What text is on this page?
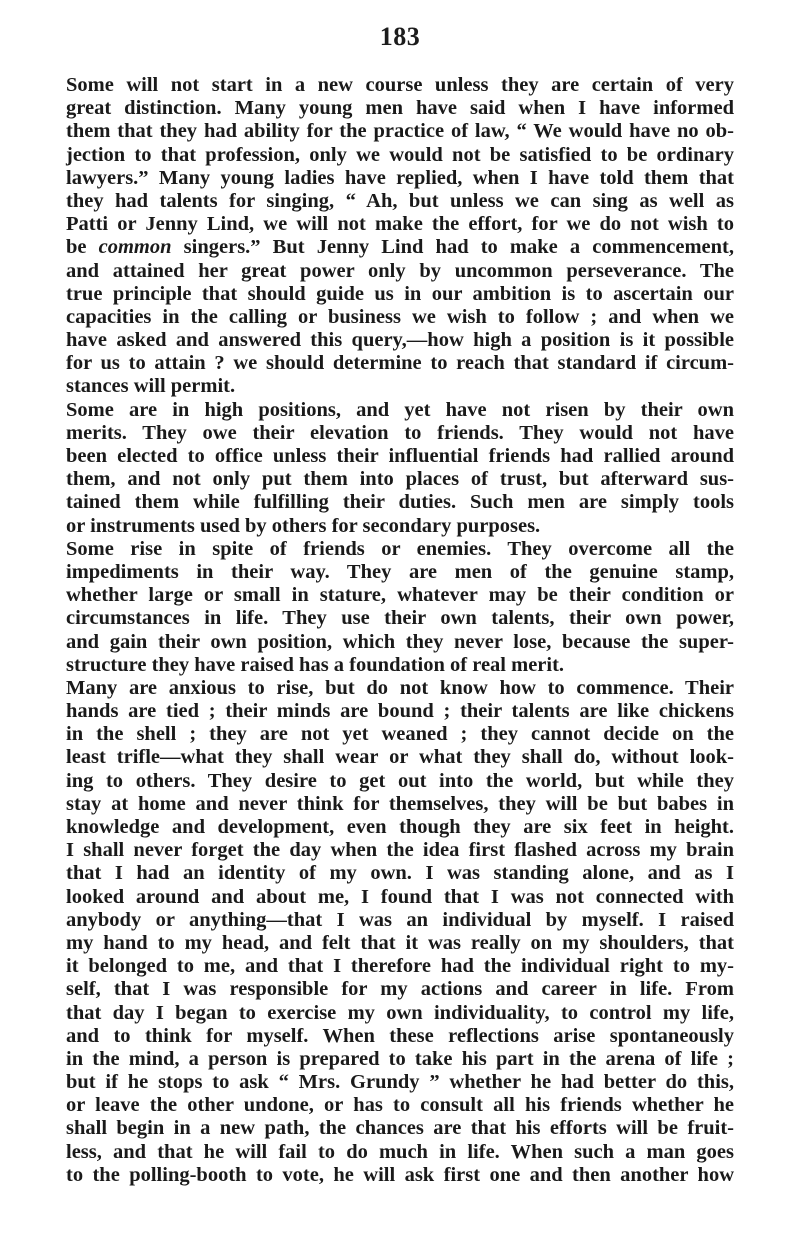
183
Some will not start in a new course unless they are certain of very
great distinction. Many young men have said when I have informed
them that they had ability for the practice of law, “ We would have no ob-
jection to that profession, only we would not be satisfied to be ordinary
lawyers.” Many young ladies have replied, when I have told them that
they had talents for singing, “ Ah, but unless we can sing as well as
Patti or Jenny Lind, we will not make the effort, for we do not wish to
be common singers.” But Jenny Lind had to make a commencement,
and attained her great power only by uncommon perseverance. The
true principle that should guide us in our ambition is to ascertain our
capacities in the calling or business we wish to follow ; and when we
have asked and answered this query,—how high a position is it possible
for us to attain ? we should determine to reach that standard if circum-
stances will permit.
Some are in high positions, and yet have not risen by their own
merits. They owe their elevation to friends. They would not have
been elected to office unless their influential friends had rallied around
them, and not only put them into places of trust, but afterward sus-
tained them while fulfilling their duties. Such men are simply tools
or instruments used by others for secondary purposes.
Some rise in spite of friends or enemies. They overcome all the
impediments in their way. They are men of the genuine stamp,
whether large or small in stature, whatever may be their condition or
circumstances in life. They use their own talents, their own power,
and gain their own position, which they never lose, because the super-
structure they have raised has a foundation of real merit.
Many are anxious to rise, but do not know how to commence. Their
hands are tied ; their minds are bound ; their talents are like chickens
in the shell ; they are not yet weaned ; they cannot decide on the
least trifle—what they shall wear or what they shall do, without look-
ing to others. They desire to get out into the world, but while they
stay at home and never think for themselves, they will be but babes in
knowledge and development, even though they are six feet in height.
I shall never forget the day when the idea first flashed across my brain
that I had an identity of my own. I was standing alone, and as I
looked around and about me, I found that I was not connected with
anybody or anything—that I was an individual by myself. I raised
my hand to my head, and felt that it was really on my shoulders, that
it belonged to me, and that I therefore had the individual right to my-
self, that I was responsible for my actions and career in life. From
that day I began to exercise my own individuality, to control my life,
and to think for myself. When these reflections arise spontaneously
in the mind, a person is prepared to take his part in the arena of life ;
but if he stops to ask “ Mrs. Grundy ” whether he had better do this,
or leave the other undone, or has to consult all his friends whether he
shall begin in a new path, the chances are that his efforts will be fruit-
less, and that he will fail to do much in life. When such a man goes
to the polling-booth to vote, he will ask first one and then another how
